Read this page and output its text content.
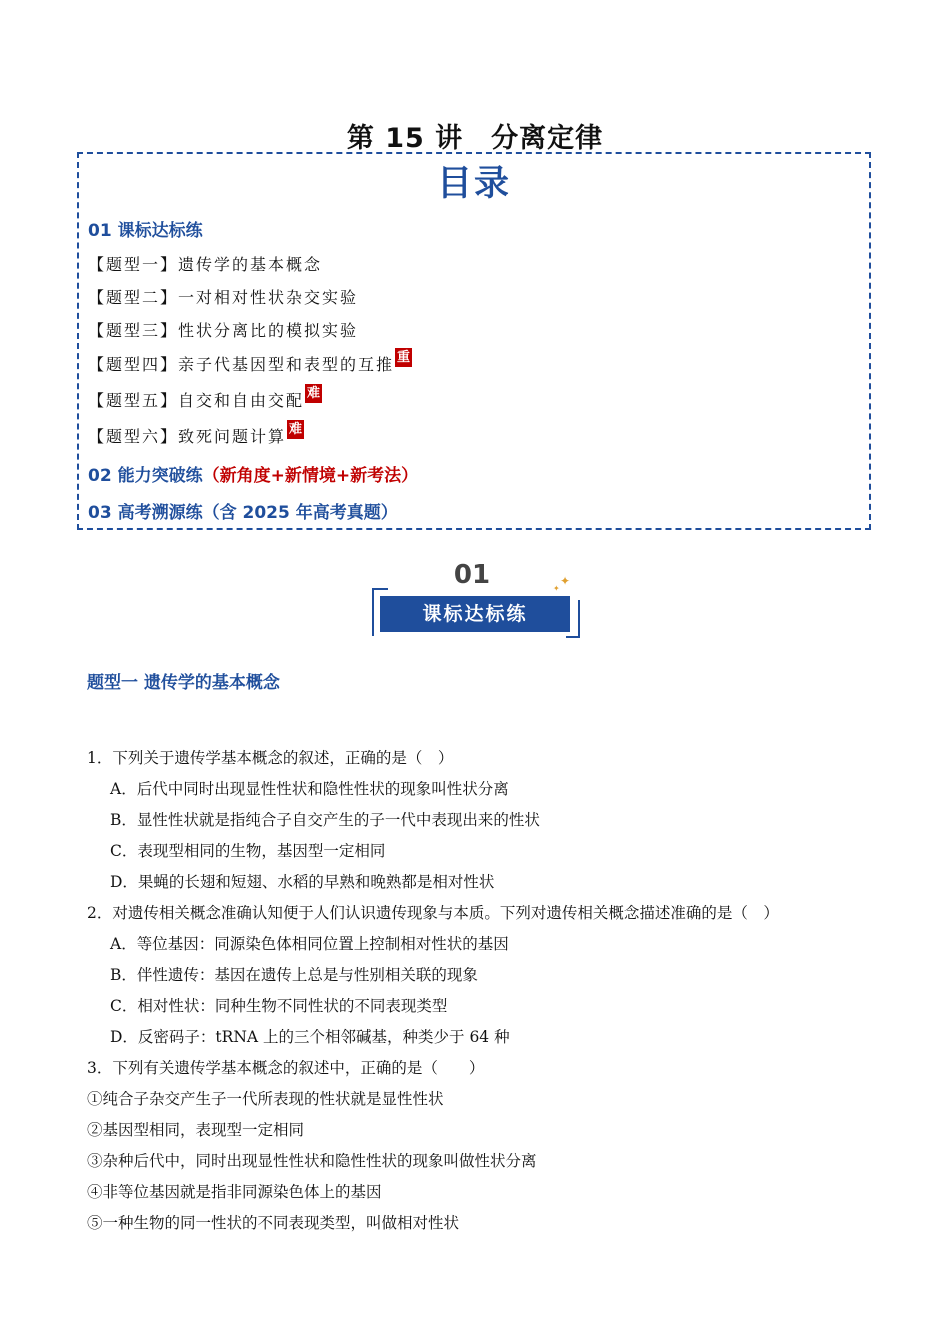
第 15 讲　分离定律
目录
01 课标达标练
【题型一】遗传学的基本概念
【题型二】一对相对性状杂交实验
【题型三】性状分离比的模拟实验
【题型四】亲子代基因型和表型的互推 重
【题型五】自交和自由交配 难
【题型六】致死问题计算 难
02 能力突破练（新角度+新情境+新考法）
03 高考溯源练（含 2025 年高考真题）
01
课标达标练
✦
✦
题型一 遗传学的基本概念
1．下列关于遗传学基本概念的叙述，正确的是（　）
A．后代中同时出现显性性状和隐性性状的现象叫性状分离
B．显性性状就是指纯合子自交产生的子一代中表现出来的性状
C．表现型相同的生物，基因型一定相同
D．果蝇的长翅和短翅、水稻的早熟和晚熟都是相对性状
2．对遗传相关概念准确认知便于人们认识遗传现象与本质。下列对遗传相关概念描述准确的是（　）
A．等位基因：同源染色体相同位置上控制相对性状的基因
B．伴性遗传：基因在遗传上总是与性别相关联的现象
C．相对性状：同种生物不同性状的不同表现类型
D．反密码子：tRNA 上的三个相邻碱基，种类少于 64 种
3．下列有关遗传学基本概念的叙述中，正确的是（　　）
①纯合子杂交产生子一代所表现的性状就是显性性状
②基因型相同，表现型一定相同
③杂种后代中，同时出现显性性状和隐性性状的现象叫做性状分离
④非等位基因就是指非同源染色体上的基因
⑤一种生物的同一性状的不同表现类型，叫做相对性状
